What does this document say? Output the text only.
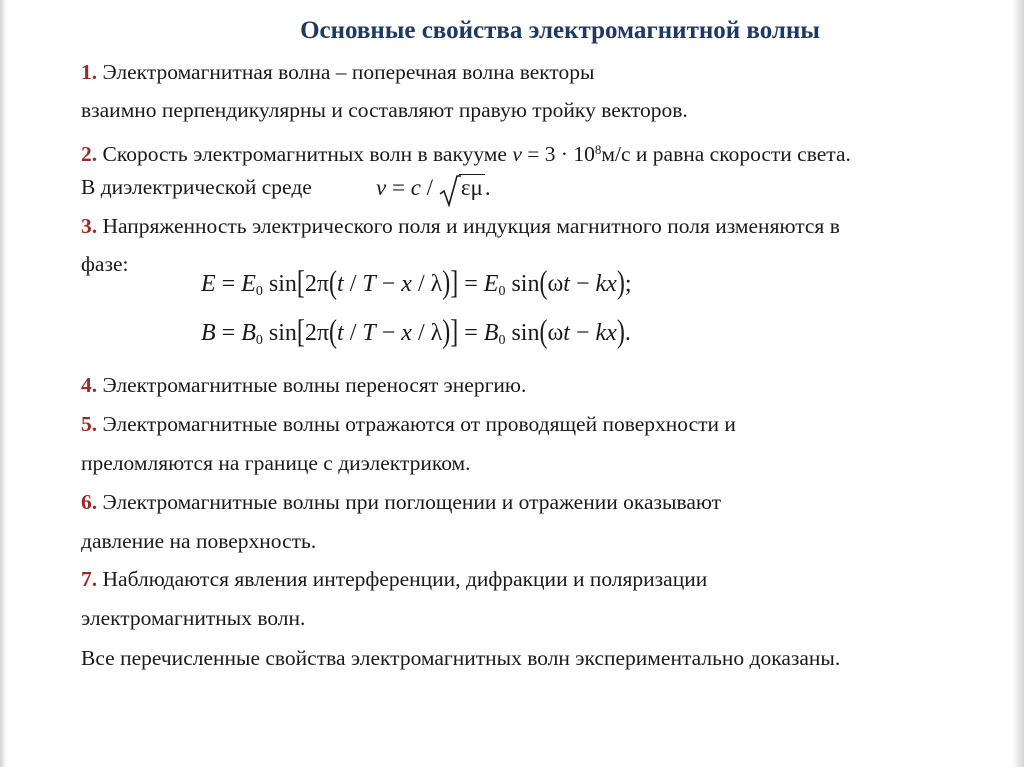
Основные свойства электромагнитной волны
1. Электромагнитная волна – поперечная волна векторы
взаимно перпендикулярны и составляют правую тройку векторов.
2. Скорость электромагнитных волн в вакууме $v = 3 \cdot 10^8м/с$ и равна скорости света.
В диэлектрической среде	v = c / εμ.
3. Напряженность электрического поля и индукция магнитного поля изменяются в
фазе:
E = E0 sin[2π(t / T − x / λ)] = E0 sin(ωt − kx);
B = B0 sin[2π(t / T − x / λ)] = B0 sin(ωt − kx).
4. Электромагнитные волны переносят энергию.
5. Электромагнитные волны отражаются от проводящей поверхности и
преломляются на границе с диэлектриком.
6. Электромагнитные волны при поглощении и отражении оказывают
давление на поверхность.
7. Наблюдаются явления интерференции, дифракции и поляризации
электромагнитных волн.
Все перечисленные свойства электромагнитных волн экспериментально доказаны.
